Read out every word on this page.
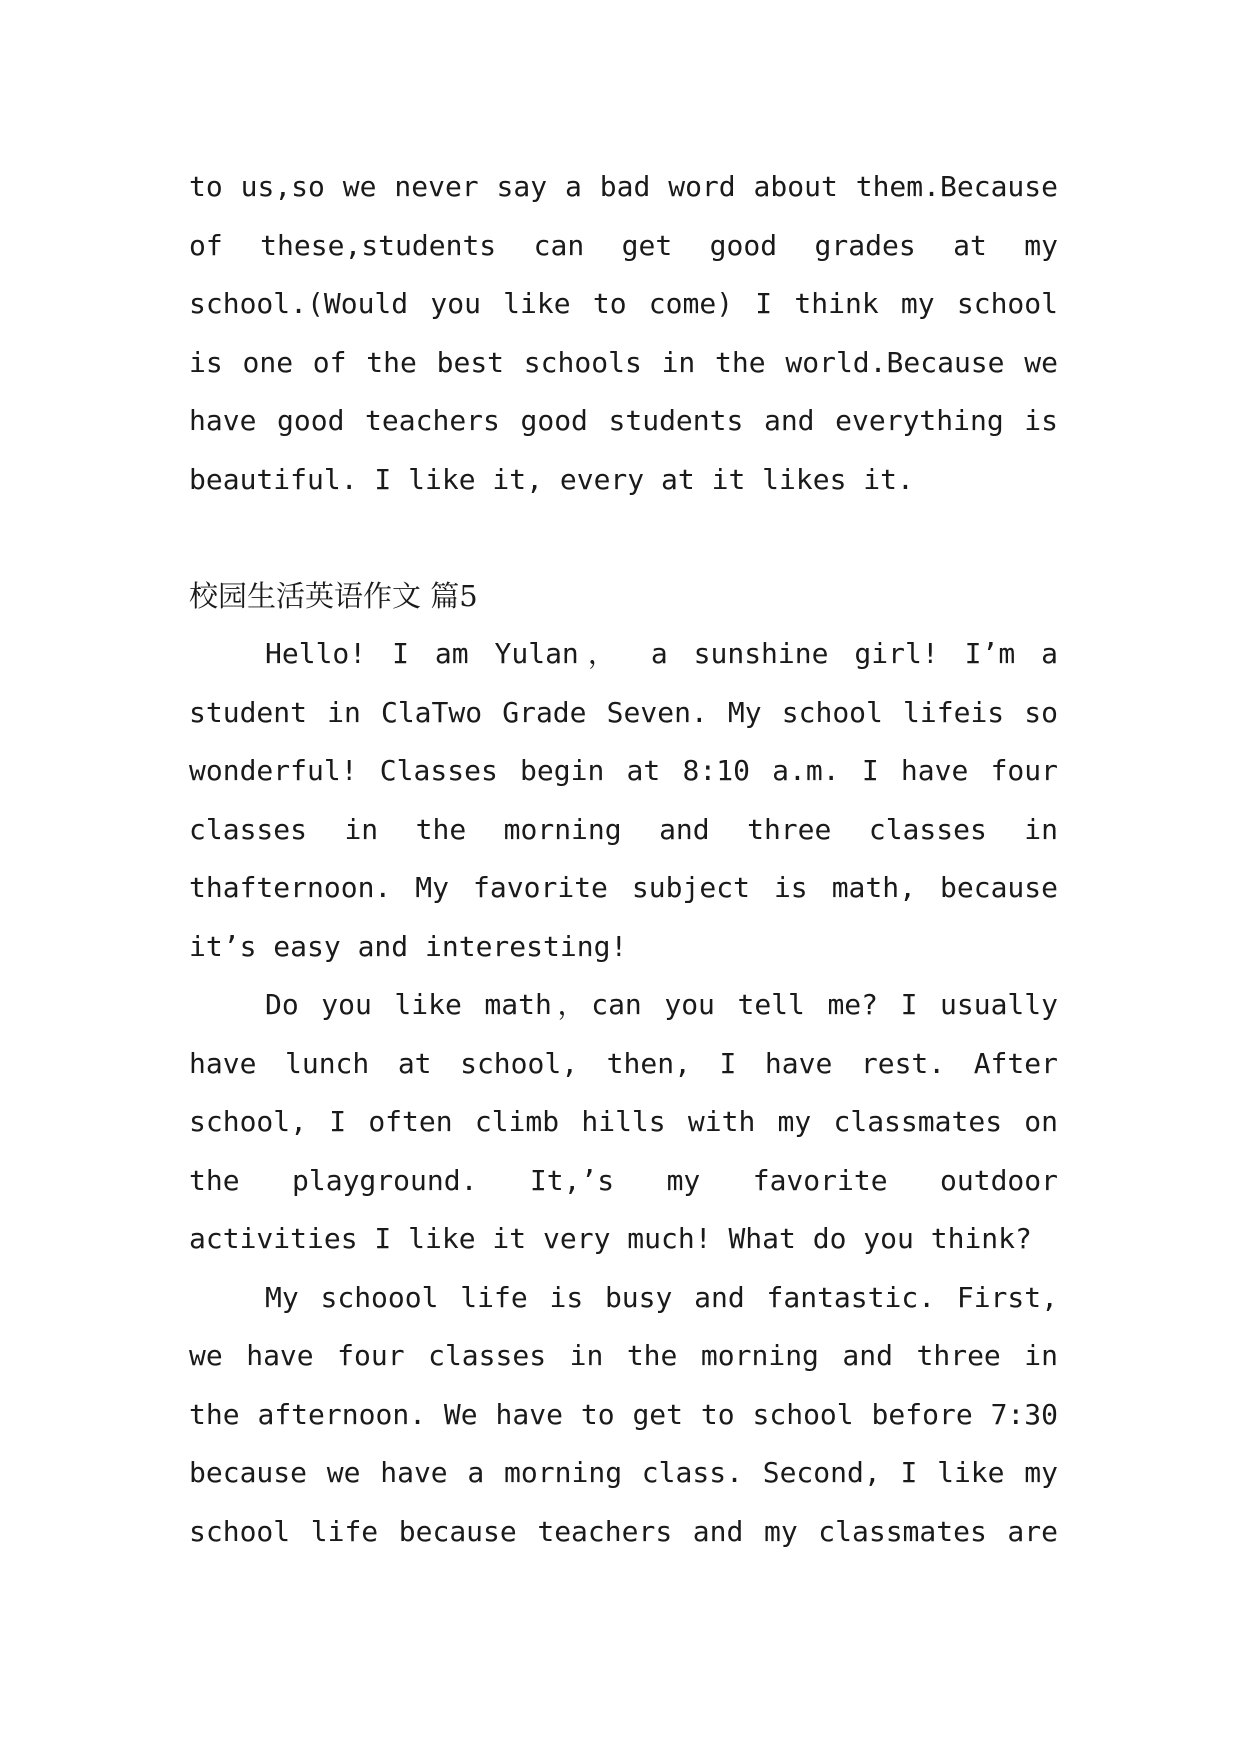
to us,so we never say a bad word about them.Because
of these,students can get good grades at my
school.(Would you like to come) I think my school
is one of the best schools in the world.Because we
have good teachers good students and everything is
beautiful. I like it, every at it likes it.
校园生活英语作文 篇5
Hello! I am Yulan， a sunshine girl! I’m a
student in ClaTwo Grade Seven. My school lifeis so
wonderful! Classes begin at 8:10 a.m. I have four
classes in the morning and three classes in
thafternoon. My favorite subject is math, because
it’s easy and interesting!
Do you like math，can you tell me? I usually
have lunch at school, then, I have rest. After
school, I often climb hills with my classmates on
the playground. It,’s my favorite outdoor
activities I like it very much! What do you think?
My schoool life is busy and fantastic. First,
we have four classes in the morning and three in
the afternoon. We have to get to school before 7:30
because we have a morning class. Second, I like my
school life because teachers and my classmates are
